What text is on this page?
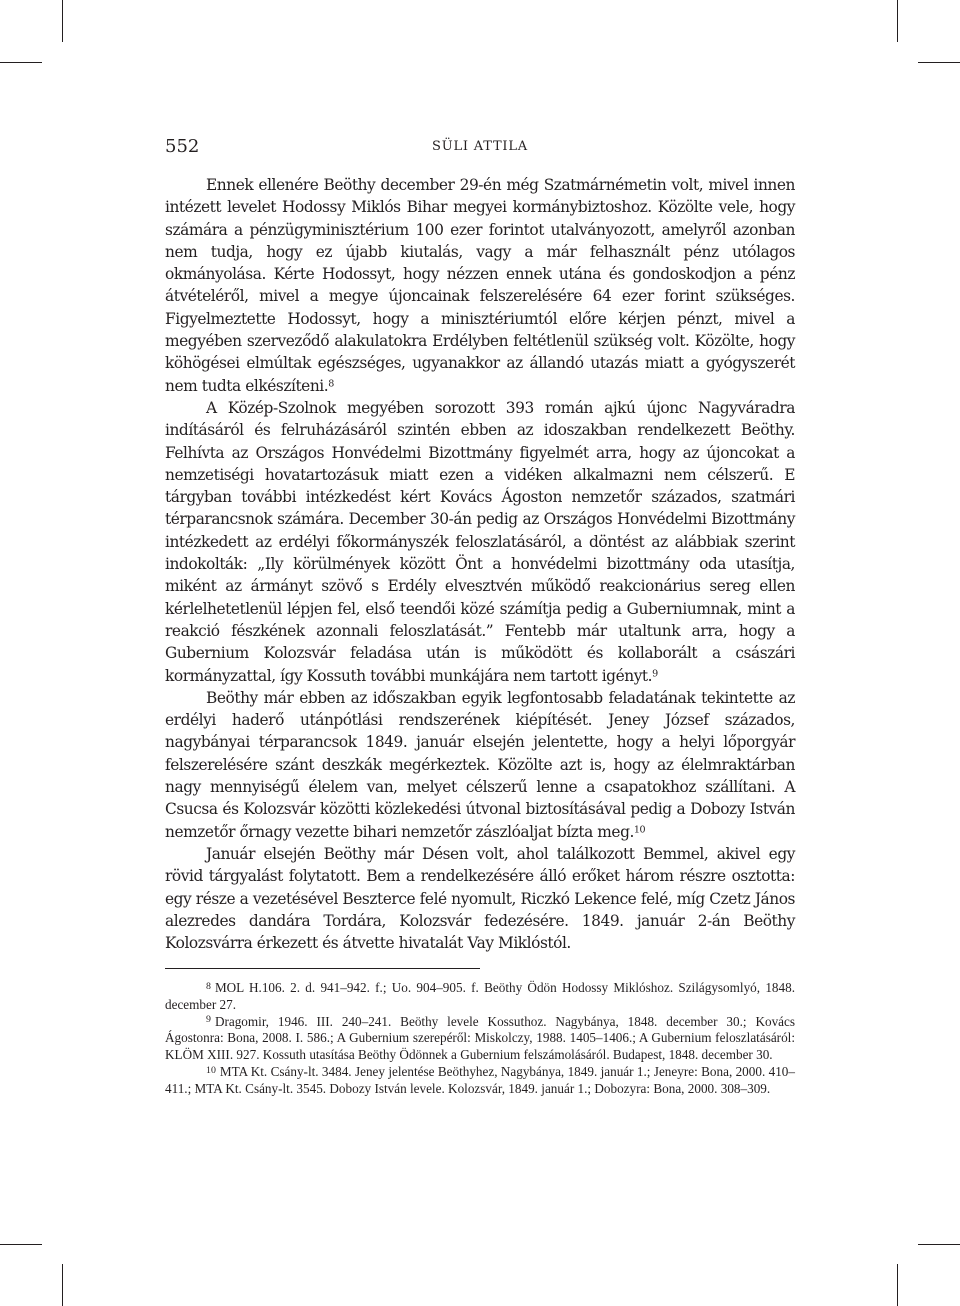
552	SÜLI ATTILA

Ennek ellenére Beöthy december 29-én még Szatmárnémetin volt, mivel innen intézett levelet Hodossy Miklós Bihar megyei kormánybiztoshoz. Közölte vele, hogy számára a pénzügyminisztérium 100 ezer forintot utalványozott, amelyről azonban nem tudja, hogy ez újabb kiutalás, vagy a már felhasznált pénz utólagos okmányolása. Kérte Hodossyt, hogy nézzen ennek utána és gondoskodjon a pénz átvételéről, mivel a megye újoncainak felszerelésére 64 ezer forint szükséges. Figyelmeztette Hodossyt, hogy a minisztériumtól előre kérjen pénzt, mivel a megyében szerveződő alakulatokra Erdélyben feltétlenül szükség volt. Közölte, hogy köhögései elmúltak egészséges, ugyanakkor az állandó utazás miatt a gyógyszerét nem tudta elkészíteni.$^8$

A Közép-Szolnok megyében sorozott 393 román ajkú újonc Nagyváradra indításáról és felruházásáról szintén ebben az idoszakban rendelkezett Beöthy. Felhívta az Országos Honvédelmi Bizottmány figyelmét arra, hogy az újoncokat a nemzetiségi hovatartozásuk miatt ezen a vidéken alkalmazni nem célszerű. E tárgyban további intézkedést kért Kovács Ágoston nemzetőr százados, szatmári térparancsnok számára. December 30-án pedig az Országos Honvédelmi Bizottmány intézkedett az erdélyi főkormányszék feloszlatásáról, a döntést az alábbiak szerint indokolták: „Ily körülmények között Önt a honvédelmi bizottmány oda utasítja, miként az ármányt szövő s Erdély elvesztvén működő reakcionárius sereg ellen kérlelhetetlenül lépjen fel, első teendői közé számítja pedig a Guberniumnak, mint a reakció fészkének azonnali feloszlatását.” Fentebb már utaltunk arra, hogy a Gubernium Kolozsvár feladása után is működött és kollaborált a császári kormányzattal, így Kossuth további munkájára nem tartott igényt.$^9$

Beöthy már ebben az időszakban egyik legfontosabb feladatának tekintette az erdélyi haderő utánpótlási rendszerének kiépítését. Jeney József százados, nagybányai térparancsok 1849. január elsején jelentette, hogy a helyi lőporgyár felszerelésére szánt deszkák megérkeztek. Közölte azt is, hogy az élelmraktárban nagy mennyiségű élelem van, melyet célszerű lenne a csapatokhoz szállítani. A Csucsa és Kolozsvár közötti közlekedési útvonal biztosításával pedig a Dobozy István nemzetőr őrnagy vezette bihari nemzetőr zászlóaljat bízta meg.$^{10}$

Január elsején Beöthy már Désen volt, ahol találkozott Bemmel, akivel egy rövid tárgyalást folytatott. Bem a rendelkezésére álló erőket három részre osztotta: egy része a vezetésével Beszterce felé nyomult, Riczkó Lekence felé, míg Czetz János alezredes dandára Tordára, Kolozsvár fedezésére. 1849. január 2-án Beöthy Kolozsvárra érkezett és átvette hivatalát Vay Miklóstól.

$^8$ MOL H.106. 2. d. 941–942. f.; Uo. 904–905. f. Beöthy Ödön Hodossy Miklóshoz. Szilágysomlyó, 1848. december 27.

$^9$ Dragomir, 1946. III. 240–241. Beöthy levele Kossuthoz. Nagybánya, 1848. december 30.; Kovács Ágostonra: Bona, 2008. I. 586.; A Gubernium szerepéről: Miskolczy, 1988. 1405–1406.; A Gubernium feloszlatásáról: KLÖM XIII. 927. Kossuth utasítása Beöthy Ödönnek a Gubernium felszámolásáról. Budapest, 1848. december 30.

$^{10}$ MTA Kt. Csány-lt. 3484. Jeney jelentése Beöthyhez, Nagybánya, 1849. január 1.; Jeneyre: Bona, 2000. 410–411.; MTA Kt. Csány-lt. 3545. Dobozy István levele. Kolozsvár, 1849. január 1.; Dobozyra: Bona, 2000. 308–309.
